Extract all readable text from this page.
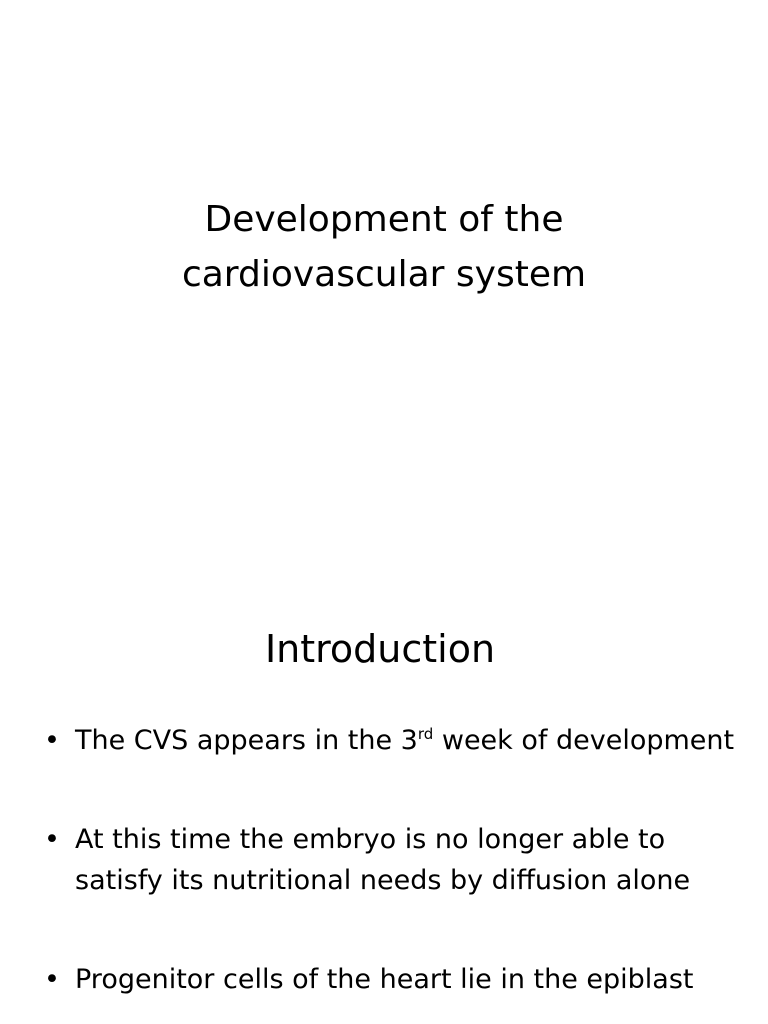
Development of the
cardiovascular system
Introduction
• The CVS appears in the 3rd week of development
• At this time the embryo is no longer able to satisfy its nutritional needs by diffusion alone
• Progenitor cells of the heart lie in the epiblast
